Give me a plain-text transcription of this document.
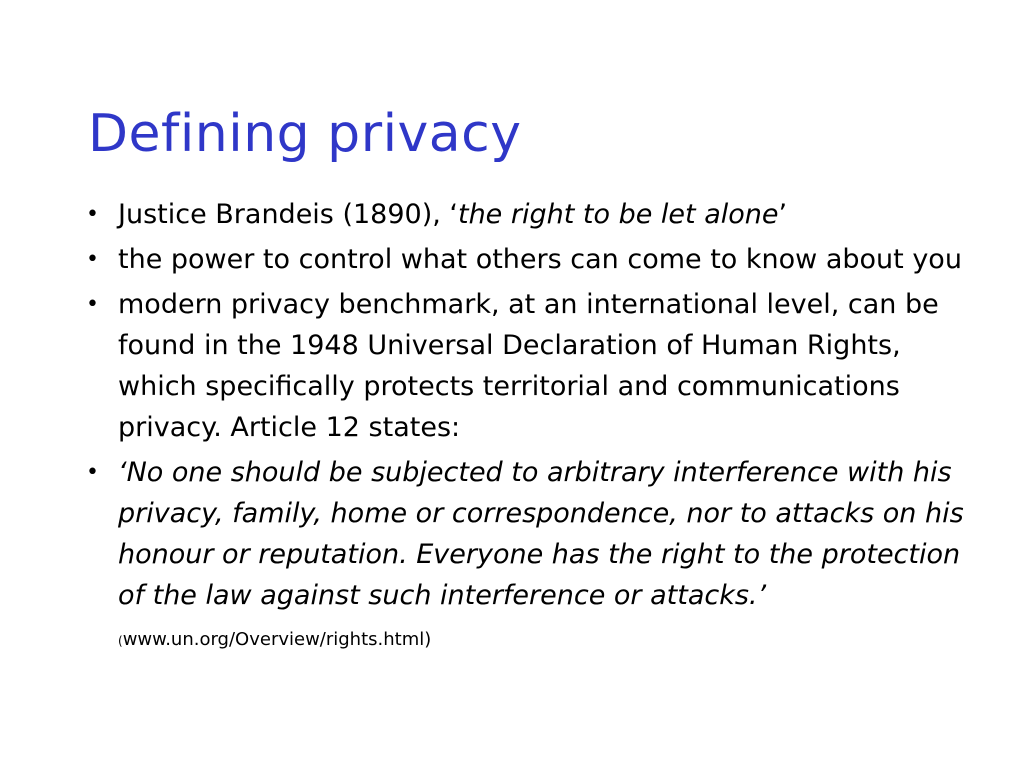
Defining privacy
• Justice Brandeis (1890), ‘the right to be let alone’
• the power to control what others can come to know about you
• modern privacy benchmark, at an international level, can be found in the 1948 Universal Declaration of Human Rights, which specifically protects territorial and communications privacy. Article 12 states:
• ‘No one should be subjected to arbitrary interference with his privacy, family, home or correspondence, nor to attacks on his honour or reputation. Everyone has the right to the protection of the law against such interference or attacks.’ (www.un.org/Overview/rights.html)
